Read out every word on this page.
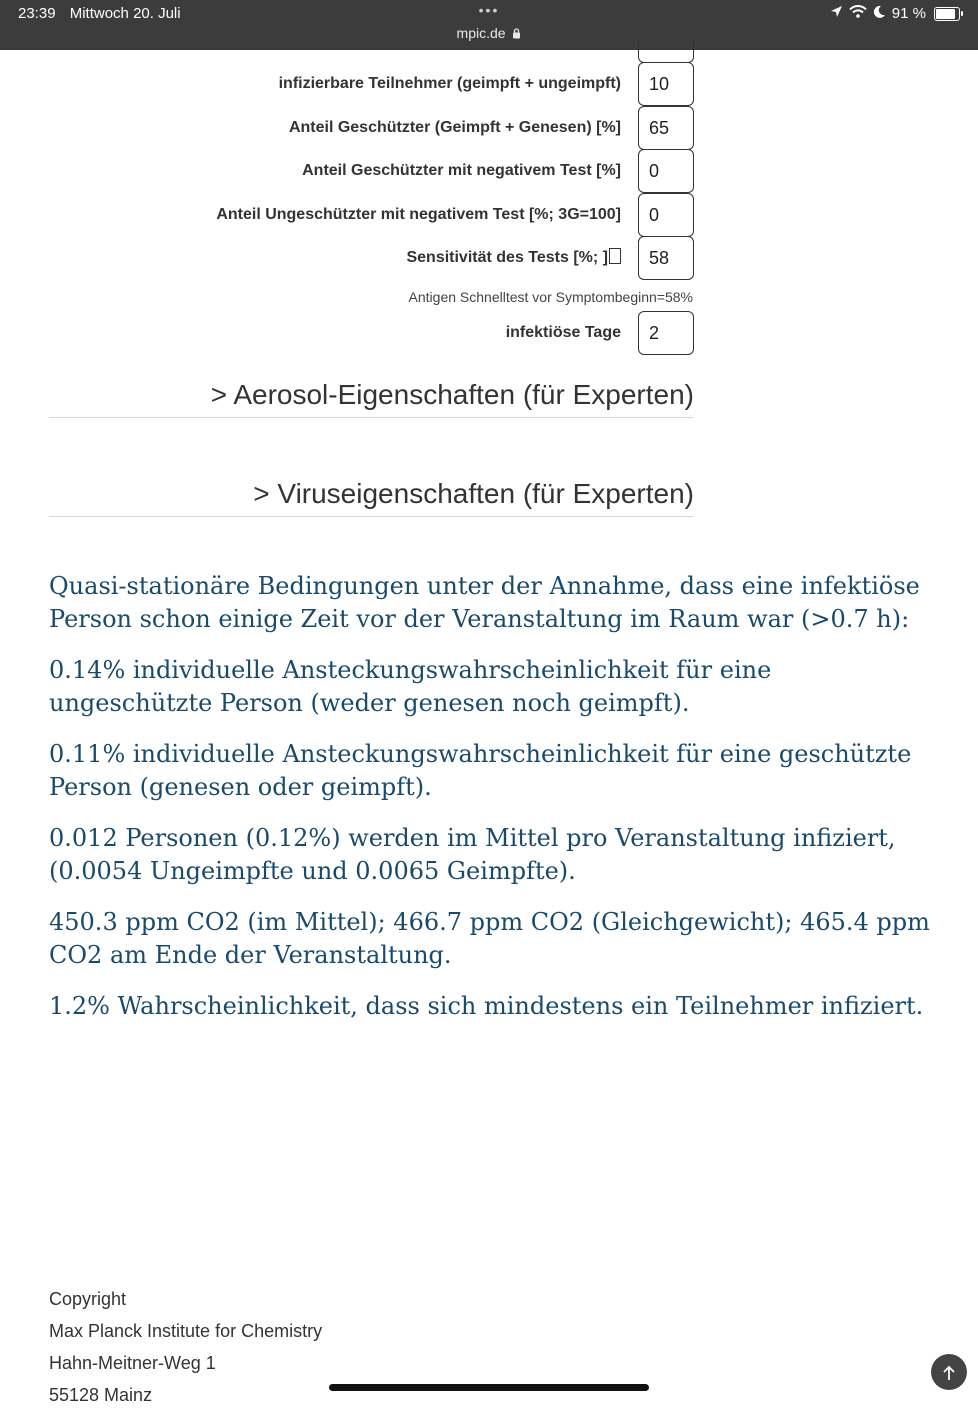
23:39 Mittwoch 20. Juli	•••
mpic.de
91 %
infizierbare Teilnehmer (geimpft + ungeimpft)	10
Anteil Geschützter (Geimpft + Genesen) [%]	65
Anteil Geschützter mit negativem Test [%]	0
Anteil Ungeschützter mit negativem Test [%; 3G=100]	0
Sensitivität des Tests [%; ]	58
Antigen Schnelltest vor Symptombeginn=58%
infektiöse Tage	2
> Aerosol-Eigenschaften (für Experten)
> Viruseigenschaften (für Experten)

Quasi-stationäre Bedingungen unter der Annahme, dass eine infektiöse Person schon einige Zeit vor der Veranstaltung im Raum war (>0.7 h):

0.14% individuelle Ansteckungswahrscheinlichkeit für eine ungeschützte Person (weder genesen noch geimpft).

0.11% individuelle Ansteckungswahrscheinlichkeit für eine geschützte Person (genesen oder geimpft).

0.012 Personen (0.12%) werden im Mittel pro Veranstaltung infiziert, (0.0054 Ungeimpfte und 0.0065 Geimpfte).

450.3 ppm CO2 (im Mittel); 466.7 ppm CO2 (Gleichgewicht); 465.4 ppm CO2 am Ende der Veranstaltung.

1.2% Wahrscheinlichkeit, dass sich mindestens ein Teilnehmer infiziert.

Copyright
Max Planck Institute for Chemistry
Hahn-Meitner-Weg 1
55128 Mainz
